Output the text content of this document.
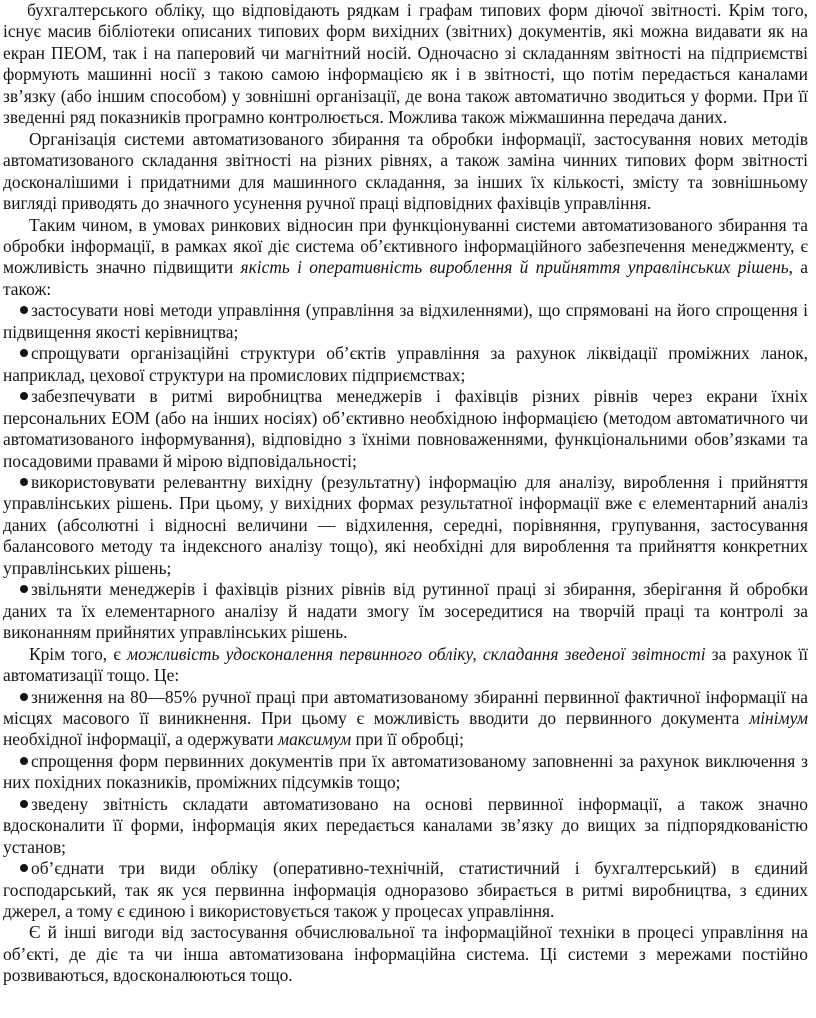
бухгалтерського обліку, що відповідають рядкам і графам типових форм діючої звітності. Крім того, існує масив бібліотеки описаних типових форм вихідних (звітних) документів, які можна видавати як на екран ПЕОМ, так і на паперовий чи магнітний носій. Одночасно зі складанням звітності на підприємстві формують машинні носії з такою самою інформацією як і в звітності, що потім передається каналами зв’язку (або іншим способом) у зовнішні організації, де вона також автоматично зводиться у форми. При її зведенні ряд показників програмно контролюється. Можлива також міжмашинна передача даних.

Організація системи автоматизованого збирання та обробки інформації, застосування нових методів автоматизованого складання звітності на різних рівнях, а також заміна чинних типових форм звітності досконалішими і придатними для машинного складання, за інших їх кількості, змісту та зовнішньому вигляді приводять до значного усунення ручної праці відповідних фахівців управління.

Таким чином, в умовах ринкових відносин при функціонуванні системи автоматизованого збирання та обробки інформації, в рамках якої діє система об’єктивного інформаційного забезпечення менеджменту, є можливість значно підвищити якість і оперативність вироблення й прийняття управлінських рішень, а також:

застосувати нові методи управління (управління за відхиленнями), що спрямовані на його спрощення і підвищення якості керівництва;

спрощувати організаційні структури об’єктів управління за рахунок ліквідації проміжних ланок, наприклад, цехової структури на промислових підприємствах;

забезпечувати в ритмі виробництва менеджерів і фахівців різних рівнів через екрани їхніх персональних ЕОМ (або на інших носіях) об’єктивно необхідною інформацією (методом автоматичного чи автоматизованого інформування), відповідно з їхніми повноваженнями, функціональними обов’язками та посадовими правами й мірою відповідальності;

використовувати релевантну вихідну (результатну) інформацію для аналізу, вироблення і прийняття управлінських рішень. При цьому, у вихідних формах результатної інформації вже є елементарний аналіз даних (абсолютні і відносні величини — відхилення, середні, порівняння, групування, застосування балансового методу та індексного аналізу тощо), які необхідні для вироблення та прийняття конкретних управлінських рішень;

звільняти менеджерів і фахівців різних рівнів від рутинної праці зі збирання, зберігання й обробки даних та їх елементарного аналізу й надати змогу їм зосередитися на творчій праці та контролі за виконанням прийнятих управлінських рішень.

Крім того, є можливість удосконалення первинного обліку, складання зведеної звітності за рахунок її автоматизації тощо. Це:

зниження на 80—85% ручної праці при автоматизованому збиранні первинної фактичної інформації на місцях масового її виникнення. При цьому є можливість вводити до первинного документа мінімум необхідної інформації, а одержувати максимум при її обробці;

спрощення форм первинних документів при їх автоматизованому заповненні за рахунок виключення з них похідних показників, проміжних підсумків тощо;

зведену звітність складати автоматизовано на основі первинної інформації, а також значно вдосконалити її форми, інформація яких передається каналами зв’язку до вищих за підпорядкованістю установ;

об’єднати три види обліку (оперативно-технічній, статистичний і бухгалтерський) в єдиний господарський, так як уся первинна інформація одноразово збирається в ритмі виробництва, з єдиних джерел, а тому є єдиною і використовується також у процесах управління.

Є й інші вигоди від застосування обчислювальної та інформаційної техніки в процесі управління на об’єкті, де діє та чи інша автоматизована інформаційна система. Ці системи з мережами постійно розвиваються, вдосконалюються тощо.
